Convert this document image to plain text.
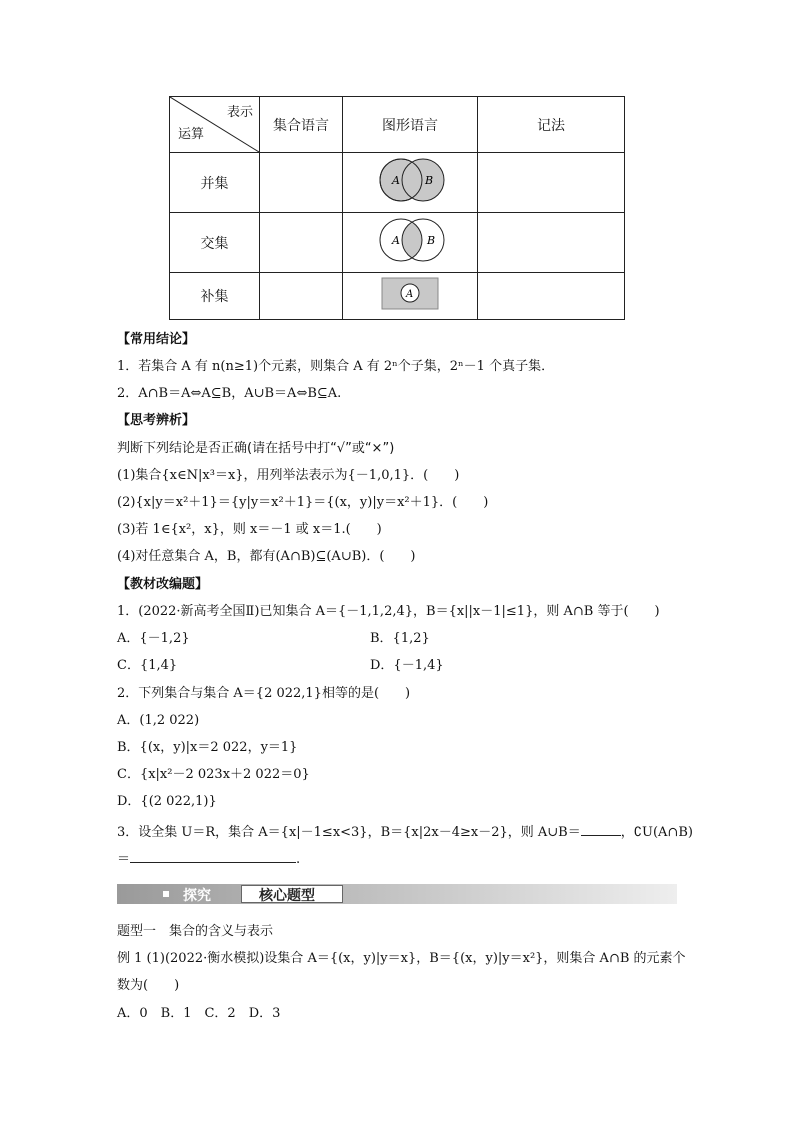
表示
运算	集合语言	图形语言	记法
并集		A B	

交集		A B	

补集		A	

【常用结论】
1．若集合 A 有 n(n≥1)个元素，则集合 A 有 2ⁿ个子集，2ⁿ－1 个真子集．
2．A∩B＝A⇔A⊆B，A∪B＝A⇔B⊆A.
【思考辨析】
判断下列结论是否正确(请在括号中打“√”或“×”)
(1)集合{x∈N|x³＝x}，用列举法表示为{－1,0,1}．(　　)
(2){x|y＝x²＋1}＝{y|y＝x²＋1}＝{(x，y)|y＝x²＋1}．(　　)
(3)若 1∈{x²，x}，则 x＝－1 或 x＝1.(　　)
(4)对任意集合 A，B，都有(A∩B)⊆(A∪B)．(　　)
【教材改编题】
1．(2022·新高考全国Ⅱ)已知集合 A＝{－1,1,2,4}，B＝{x||x－1|≤1}，则 A∩B 等于(　　)
A．{－1,2}	B．{1,2}
C．{1,4}	D．{－1,4}
2．下列集合与集合 A＝{2 022,1}相等的是(　　)
A．(1,2 022)
B．{(x，y)|x＝2 022，y＝1}
C．{x|x²－2 023x＋2 022＝0}
D．{(2 022,1)}
3．设全集 U＝R，集合 A＝{x|－1≤x<3}，B＝{x|2x－4≥x－2}，则 A∪B＝	，∁U(A∩B)
＝	.
探究	核心题型
题型一　集合的含义与表示
例 1 (1)(2022·衡水模拟)设集合 A＝{(x，y)|y＝x}，B＝{(x，y)|y＝x²}，则集合 A∩B 的元素个
数为(　　)
A．0　B．1　C．2　D．3
